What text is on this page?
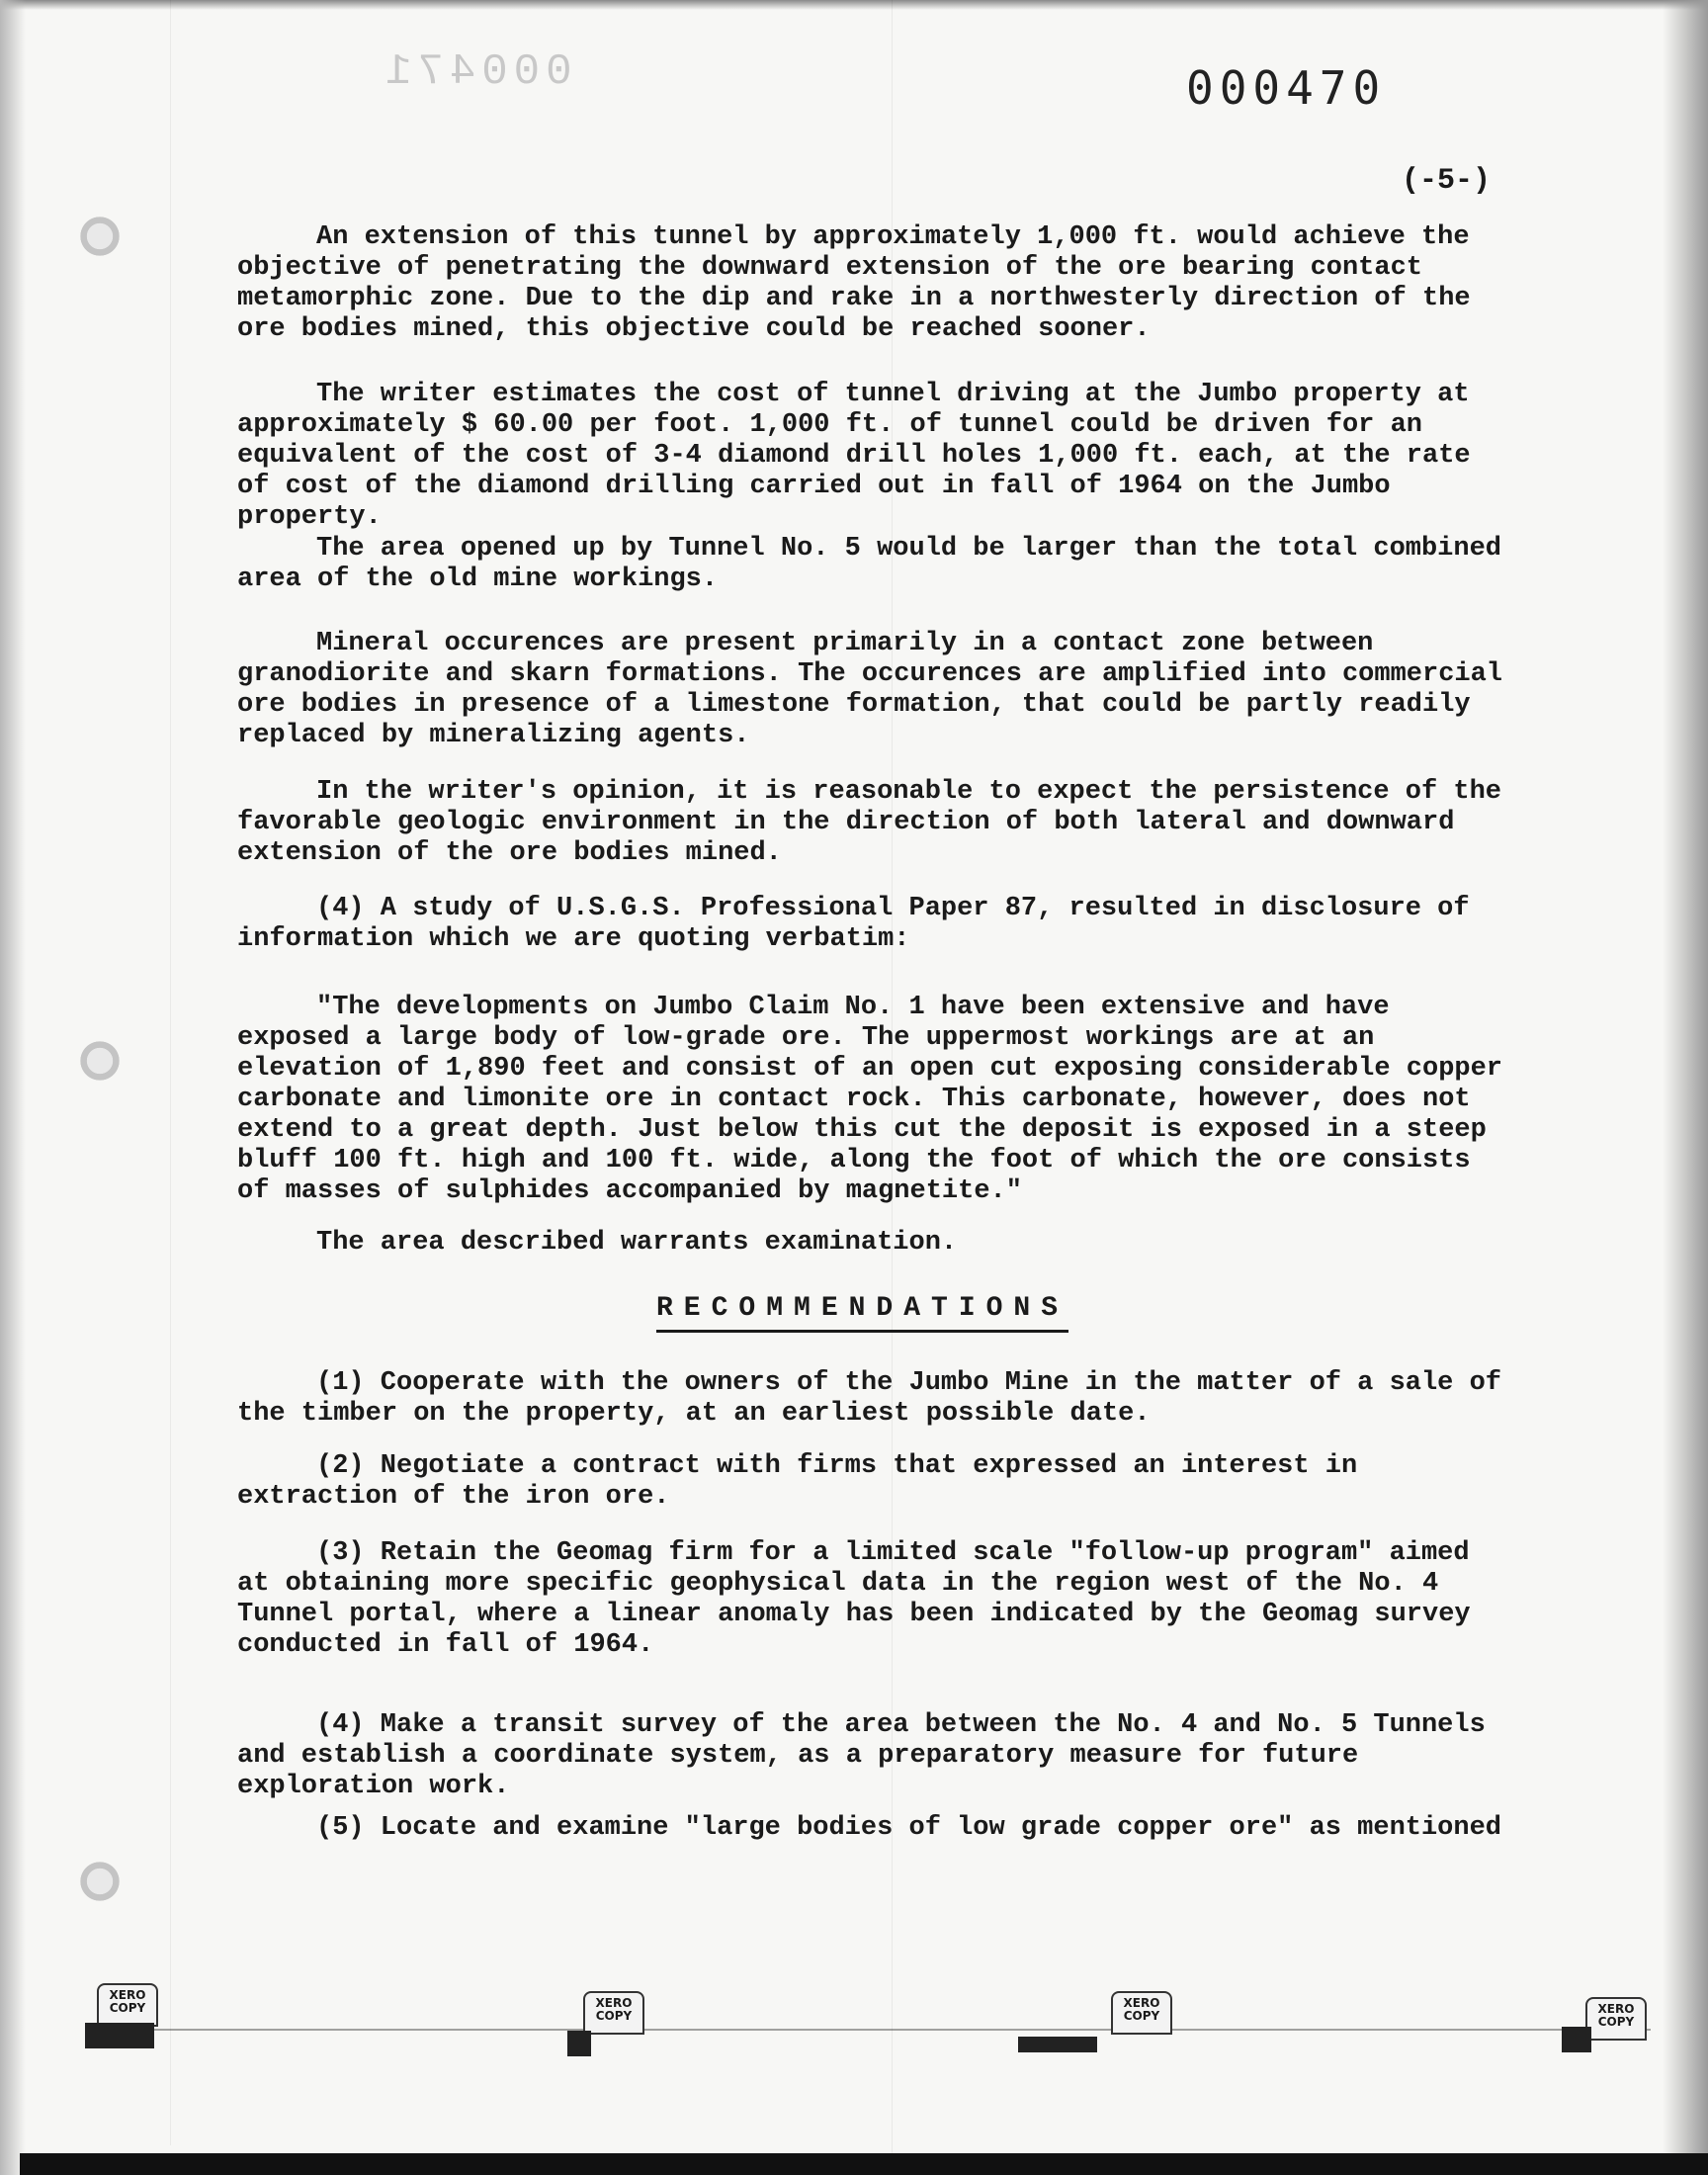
000471	000470
(-5-)

An extension of this tunnel by approximately 1,000 ft. would achieve the objective of penetrating the downward extension of the ore bearing contact metamorphic zone. Due to the dip and rake in a northwesterly direction of the ore bodies mined, this objective could be reached sooner.

The writer estimates the cost of tunnel driving at the Jumbo property at approximately $ 60.00 per foot. 1,000 ft. of tunnel could be driven for an equivalent of the cost of 3-4 diamond drill holes 1,000 ft. each, at the rate of cost of the diamond drilling carried out in fall of 1964 on the Jumbo property.

The area opened up by Tunnel No. 5 would be larger than the total combined area of the old mine workings.

Mineral occurences are present primarily in a contact zone between granodiorite and skarn formations. The occurences are amplified into commercial ore bodies in presence of a limestone formation, that could be partly readily replaced by mineralizing agents.

In the writer's opinion, it is reasonable to expect the persistence of the favorable geologic environment in the direction of both lateral and downward extension of the ore bodies mined.

(4) A study of U.S.G.S. Professional Paper 87, resulted in disclosure of information which we are quoting verbatim:

"The developments on Jumbo Claim No. 1 have been extensive and have exposed a large body of low-grade ore. The uppermost workings are at an elevation of 1,890 feet and consist of an open cut exposing considerable copper carbonate and limonite ore in contact rock. This carbonate, however, does not extend to a great depth. Just below this cut the deposit is exposed in a steep bluff 100 ft. high and 100 ft. wide, along the foot of which the ore consists of masses of sulphides accompanied by magnetite."

The area described warrants examination.

RECOMMENDATIONS

(1) Cooperate with the owners of the Jumbo Mine in the matter of a sale of the timber on the property, at an earliest possible date.

(2) Negotiate a contract with firms that expressed an interest in extraction of the iron ore.

(3) Retain the Geomag firm for a limited scale "follow-up program" aimed at obtaining more specific geophysical data in the region west of the No. 4 Tunnel portal, where a linear anomaly has been indicated by the Geomag survey conducted in fall of 1964.

(4) Make a transit survey of the area between the No. 4 and No. 5 Tunnels and establish a coordinate system, as a preparatory measure for future exploration work.

(5) Locate and examine "large bodies of low grade copper ore" as mentioned

XERO
COPY	XERO
COPY
XERO
COPY	XERO
COPY
